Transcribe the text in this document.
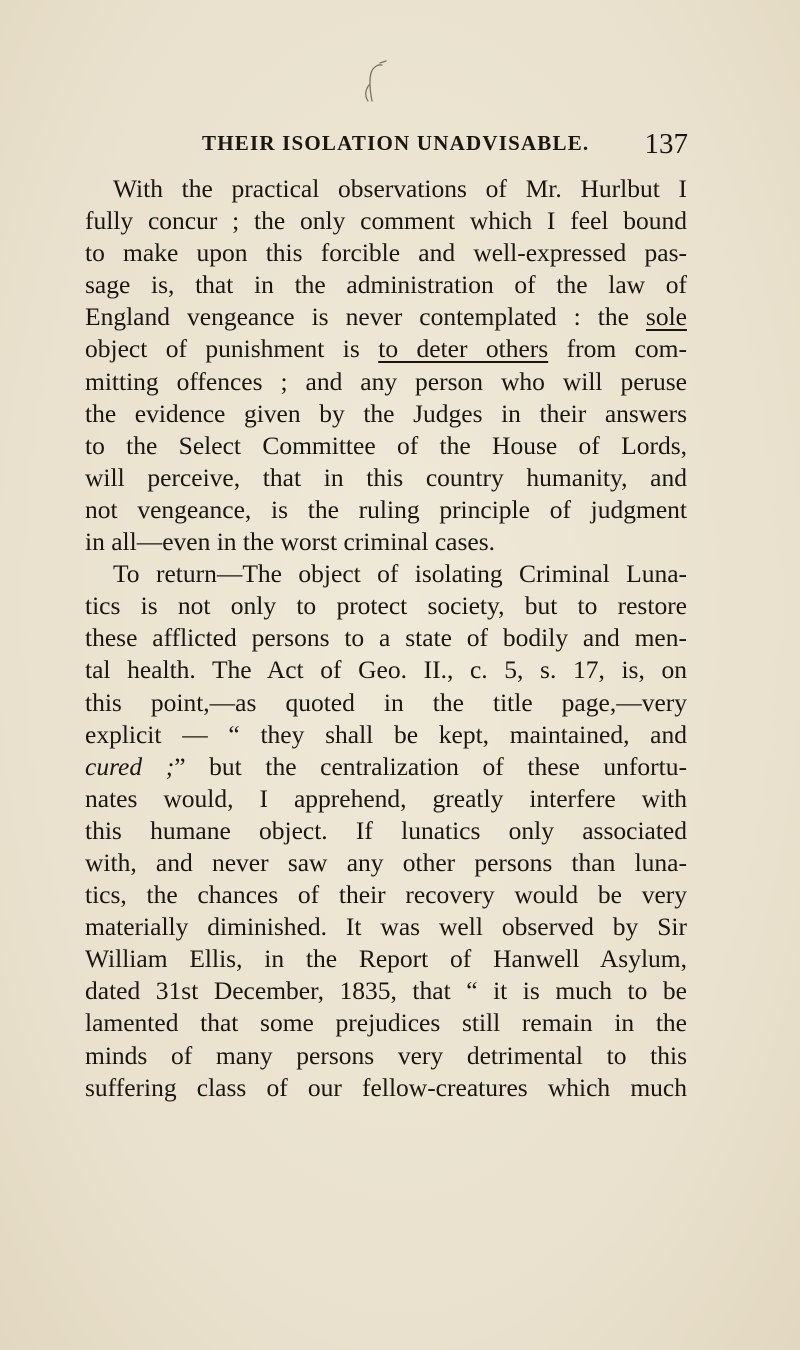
THEIR ISOLATION UNADVISABLE. 137
With the practical observations of Mr. Hurlbut I
fully concur ; the only comment which I feel bound
to make upon this forcible and well-expressed pas-
sage is, that in the administration of the law of
England vengeance is never contemplated : the sole
object of punishment is to deter others from com-
mitting offences ; and any person who will peruse
the evidence given by the Judges in their answers
to the Select Committee of the House of Lords,
will perceive, that in this country humanity, and
not vengeance, is the ruling principle of judgment
in all—even in the worst criminal cases.
To return—The object of isolating Criminal Luna-
tics is not only to protect society, but to restore
these afflicted persons to a state of bodily and men-
tal health. The Act of Geo. II., c. 5, s. 17, is, on
this point,—as quoted in the title page,—very
explicit — “ they shall be kept, maintained, and
cured ;” but the centralization of these unfortu-
nates would, I apprehend, greatly interfere with
this humane object. If lunatics only associated
with, and never saw any other persons than luna-
tics, the chances of their recovery would be very
materially diminished. It was well observed by Sir
William Ellis, in the Report of Hanwell Asylum,
dated 31st December, 1835, that “ it is much to be
lamented that some prejudices still remain in the
minds of many persons very detrimental to this
suffering class of our fellow-creatures which much
